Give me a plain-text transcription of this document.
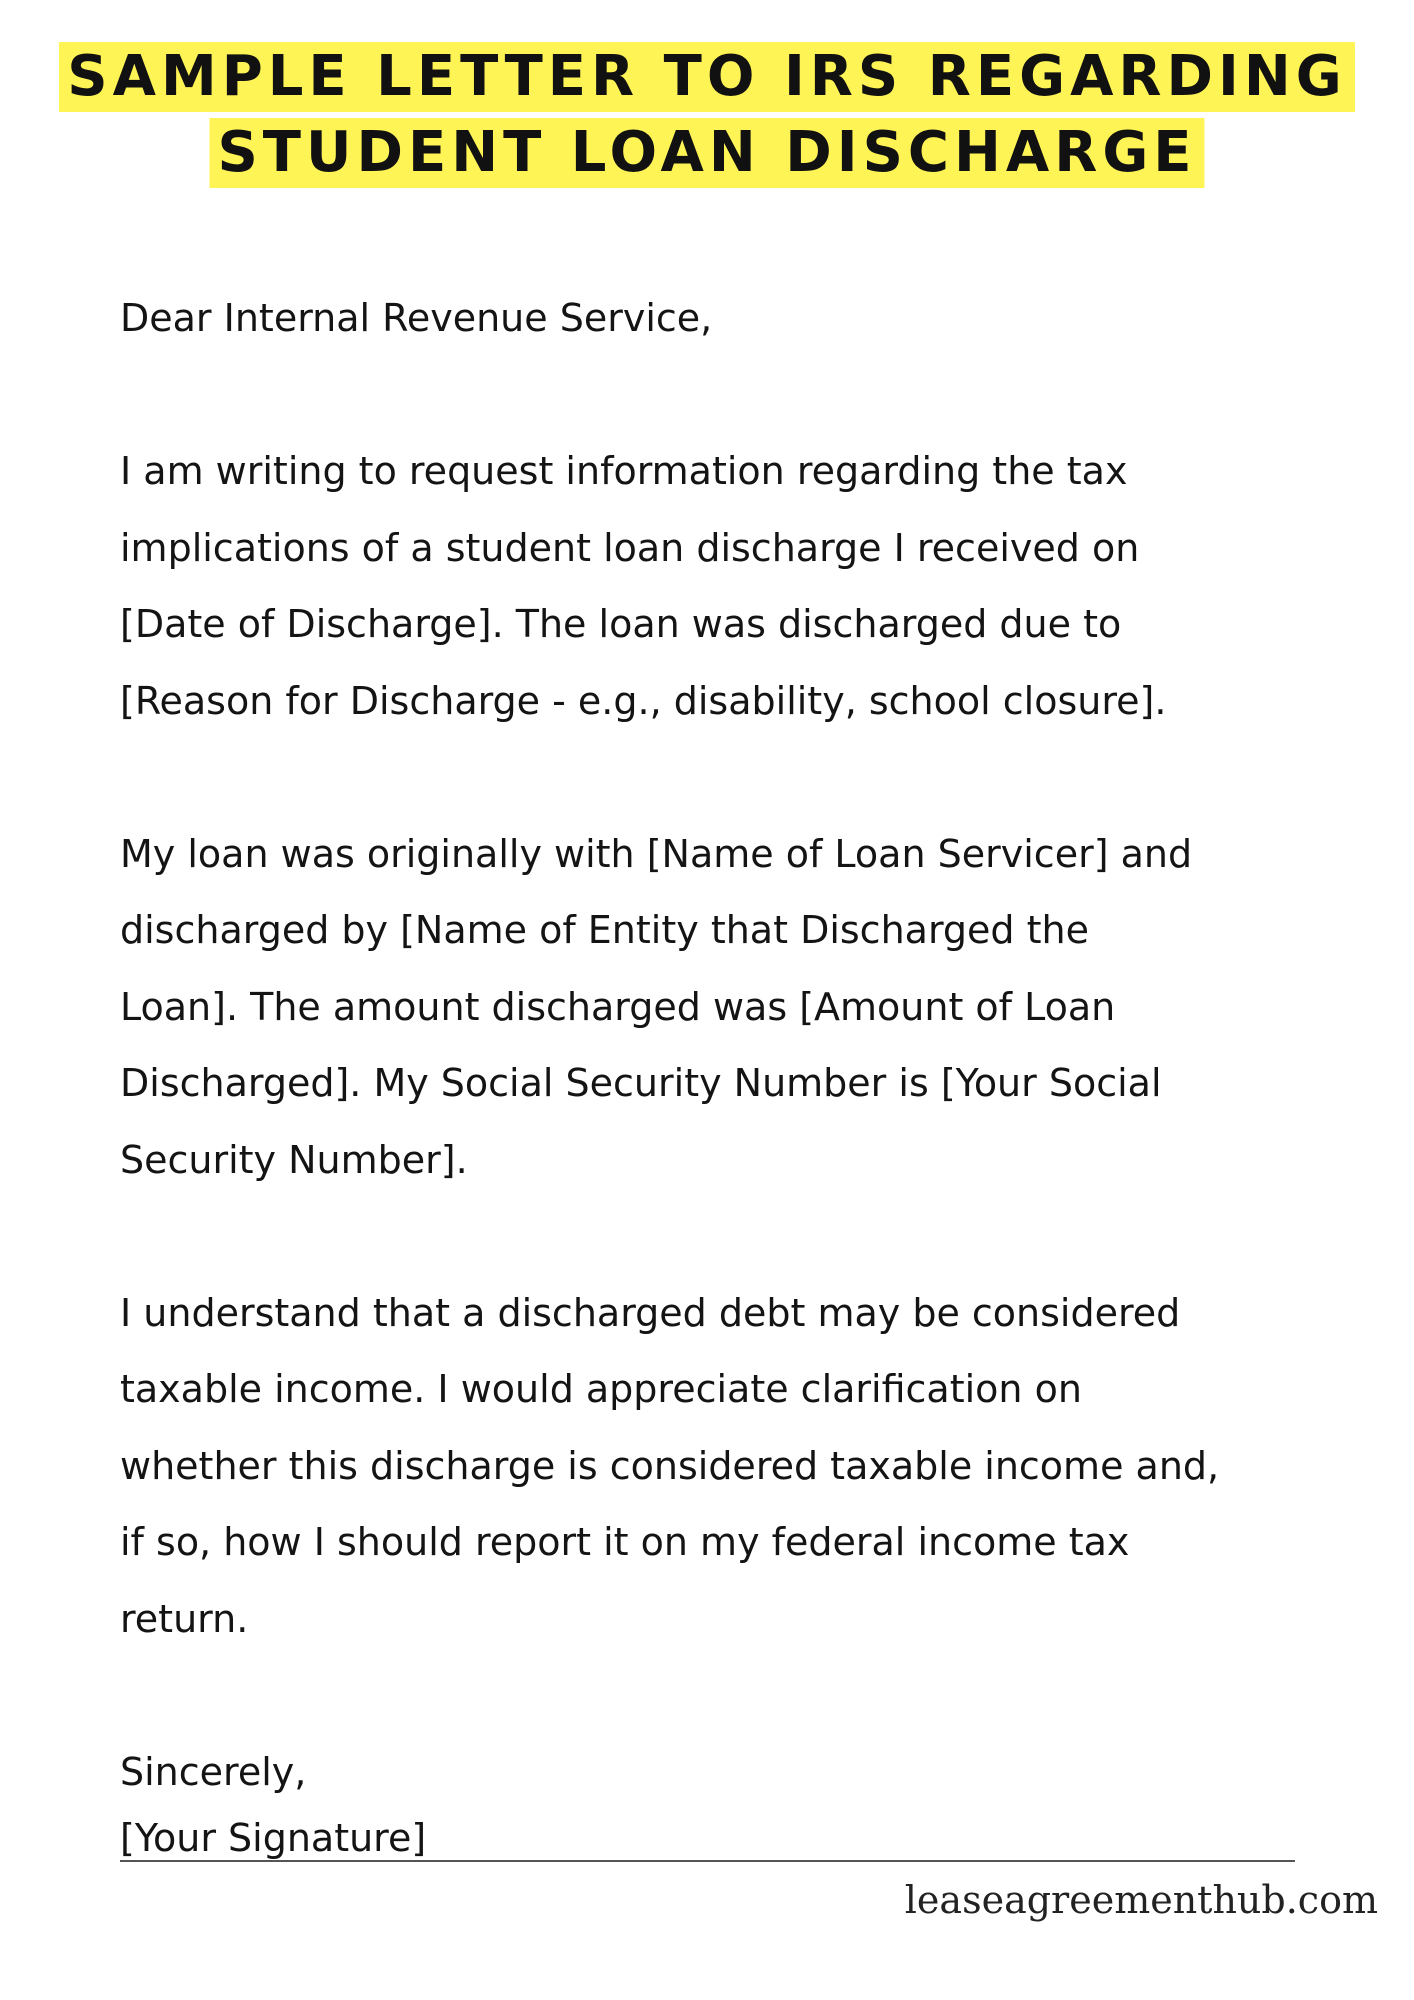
SAMPLE LETTER TO IRS REGARDING
STUDENT LOAN DISCHARGE

Dear Internal Revenue Service,

I am writing to request information regarding the tax

implications of a student loan discharge I received on

[Date of Discharge]. The loan was discharged due to

[Reason for Discharge - e.g., disability, school closure].

My loan was originally with [Name of Loan Servicer] and

discharged by [Name of Entity that Discharged the

Loan]. The amount discharged was [Amount of Loan

Discharged]. My Social Security Number is [Your Social

Security Number].

I understand that a discharged debt may be considered

taxable income. I would appreciate clarification on

whether this discharge is considered taxable income and,

if so, how I should report it on my federal income tax

return.

Sincerely,

[Your Signature]
leaseagreementhub.com
